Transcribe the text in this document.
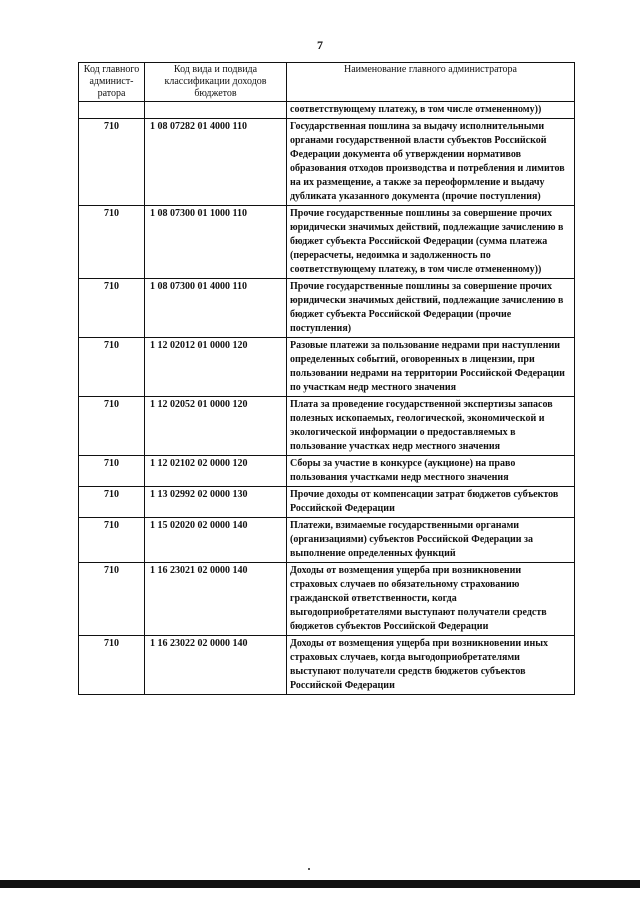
7
Код главного админист-ратора	Код вида и подвида классификации доходов бюджетов	Наименование главного администратора
		соответствующему платежу, в том числе отмененному))
710	1 08 07282 01 4000 110	Государственная пошлина за выдачу исполнительными органами государственной власти субъектов Российской Федерации документа об утверждении нормативов образования отходов производства и потребления и лимитов на их размещение, а также за переоформление и выдачу дубликата указанного документа (прочие поступления)
710	1 08 07300 01 1000 110	Прочие государственные пошлины за совершение прочих юридически значимых действий, подлежащие зачислению в бюджет субъекта Российской Федерации (сумма платежа (перерасчеты, недоимка и задолженность по соответствующему платежу, в том числе отмененному))
710	1 08 07300 01 4000 110	Прочие государственные пошлины за совершение прочих юридически значимых действий, подлежащие зачислению в бюджет субъекта Российской Федерации (прочие поступления)
710	1 12 02012 01 0000 120	Разовые платежи за пользование недрами при наступлении определенных событий, оговоренных в лицензии, при пользовании недрами на территории Российской Федерации по участкам недр местного значения
710	1 12 02052 01 0000 120	Плата за проведение государственной экспертизы запасов полезных ископаемых, геологической, экономической и экологической информации о предоставляемых в пользование участках недр местного значения
710	1 12 02102 02 0000 120	Сборы за участие в конкурсе (аукционе) на право пользования участками недр местного значения
710	1 13 02992 02 0000 130	Прочие доходы от компенсации затрат бюджетов субъектов Российской Федерации
710	1 15 02020 02 0000 140	Платежи, взимаемые государственными органами (организациями) субъектов Российской Федерации за выполнение определенных функций
710	1 16 23021 02 0000 140	Доходы от возмещения ущерба при возникновении страховых случаев по обязательному страхованию гражданской ответственности, когда выгодоприобретателями выступают получатели средств бюджетов субъектов Российской Федерации
710	1 16 23022 02 0000 140	Доходы от возмещения ущерба при возникновении иных страховых случаев, когда выгодоприобретателями выступают получатели средств бюджетов субъектов Российской Федерации
